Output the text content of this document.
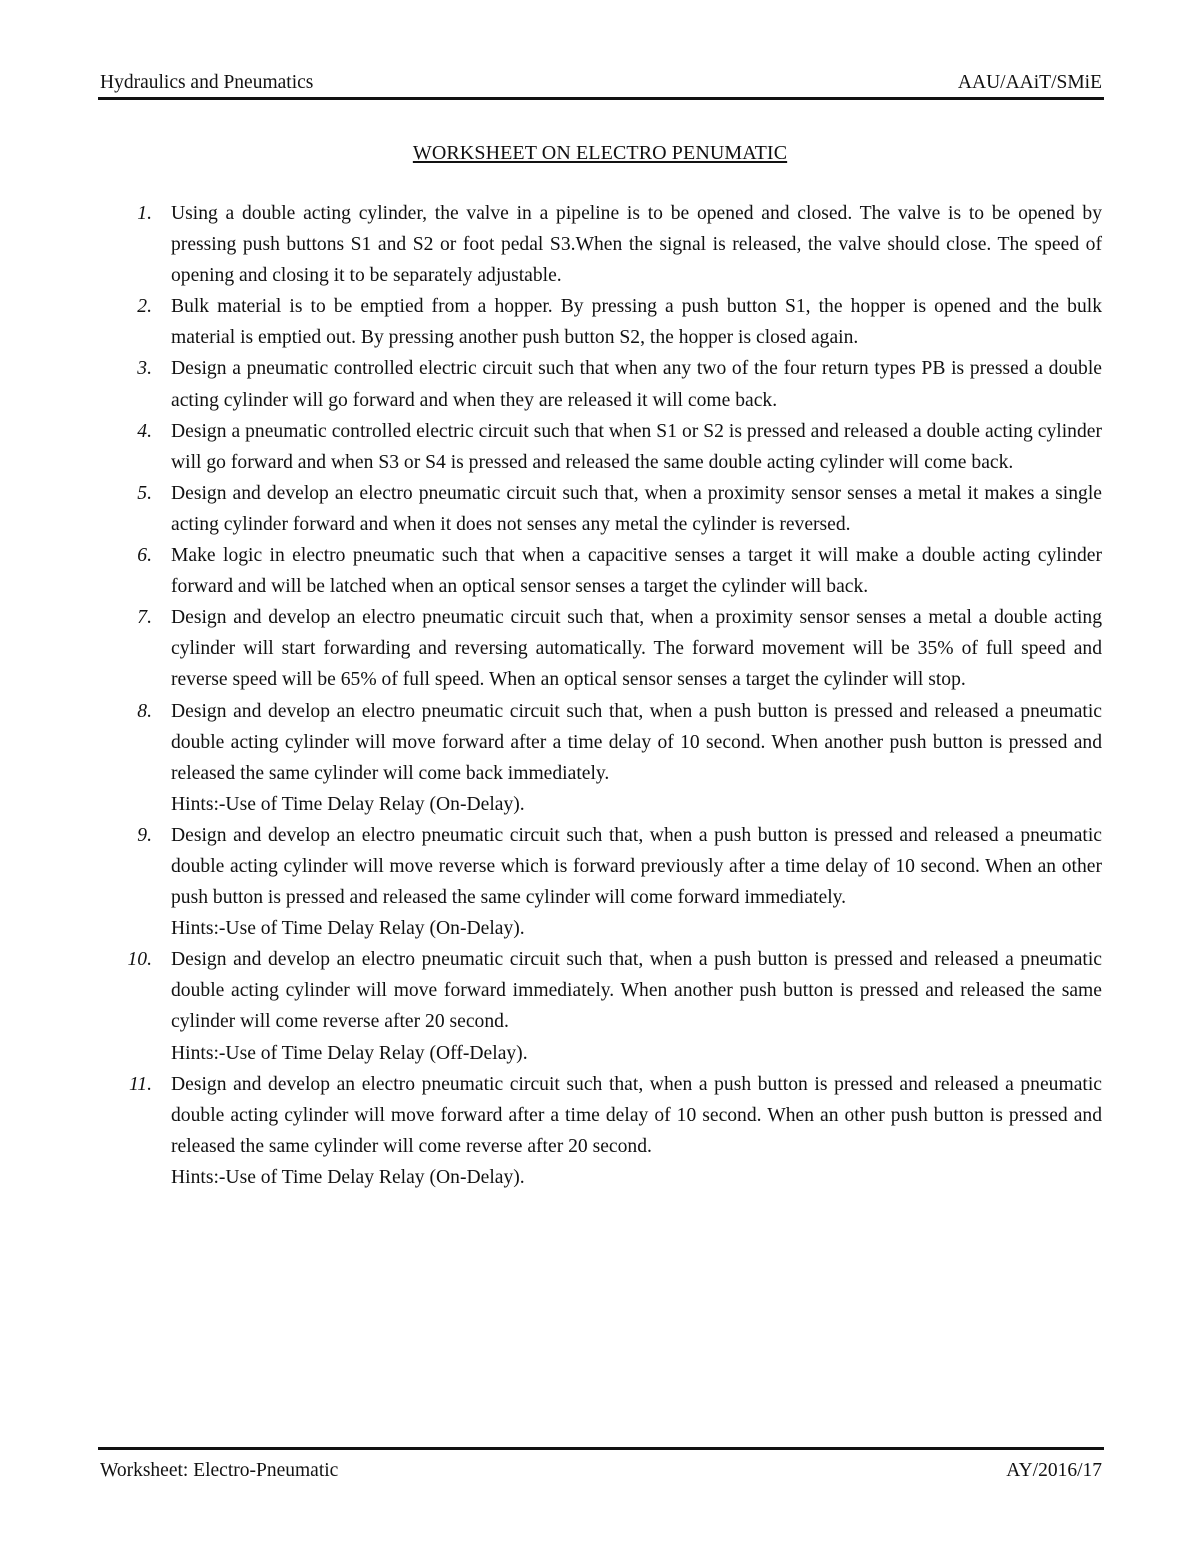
Hydraulics and Pneumatics	AAU/AAiT/SMiE
WORKSHEET ON ELECTRO PENUMATIC
1. Using a double acting cylinder, the valve in a pipeline is to be opened and closed. The valve is to be opened by pressing push buttons S1 and S2 or foot pedal S3.When the signal is released, the valve should close. The speed of opening and closing it to be separately adjustable.
2. Bulk material is to be emptied from a hopper. By pressing a push button S1, the hopper is opened and the bulk material is emptied out. By pressing another push button S2, the hopper is closed again.
3. Design a pneumatic controlled electric circuit such that when any two of the four return types PB is pressed a double acting cylinder will go forward and when they are released it will come back.
4. Design a pneumatic controlled electric circuit such that when S1 or S2 is pressed and released a double acting cylinder will go forward and when S3 or S4 is pressed and released the same double acting cylinder will come back.
5. Design and develop an electro pneumatic circuit such that, when a proximity sensor senses a metal it makes a single acting cylinder forward and when it does not senses any metal the cylinder is reversed.
6. Make logic in electro pneumatic such that when a capacitive senses a target it will make a double acting cylinder forward and will be latched when an optical sensor senses a target the cylinder will back.
7. Design and develop an electro pneumatic circuit such that, when a proximity sensor senses a metal a double acting cylinder will start forwarding and reversing automatically. The forward movement will be 35% of full speed and reverse speed will be 65% of full speed. When an optical sensor senses a target the cylinder will stop.
8. Design and develop an electro pneumatic circuit such that, when a push button is pressed and released a pneumatic double acting cylinder will move forward after a time delay of 10 second. When another push button is pressed and released the same cylinder will come back immediately.
Hints:-Use of Time Delay Relay (On-Delay).
9. Design and develop an electro pneumatic circuit such that, when a push button is pressed and released a pneumatic double acting cylinder will move reverse which is forward previously after a time delay of 10 second. When an other push button is pressed and released the same cylinder will come forward immediately.
Hints:-Use of Time Delay Relay (On-Delay).
10. Design and develop an electro pneumatic circuit such that, when a push button is pressed and released a pneumatic double acting cylinder will move forward immediately. When another push button is pressed and released the same cylinder will come reverse after 20 second.
Hints:-Use of Time Delay Relay (Off-Delay).
11. Design and develop an electro pneumatic circuit such that, when a push button is pressed and released a pneumatic double acting cylinder will move forward after a time delay of 10 second. When an other push button is pressed and released the same cylinder will come reverse after 20 second.
Hints:-Use of Time Delay Relay (On-Delay).
Worksheet: Electro-Pneumatic	AY/2016/17
